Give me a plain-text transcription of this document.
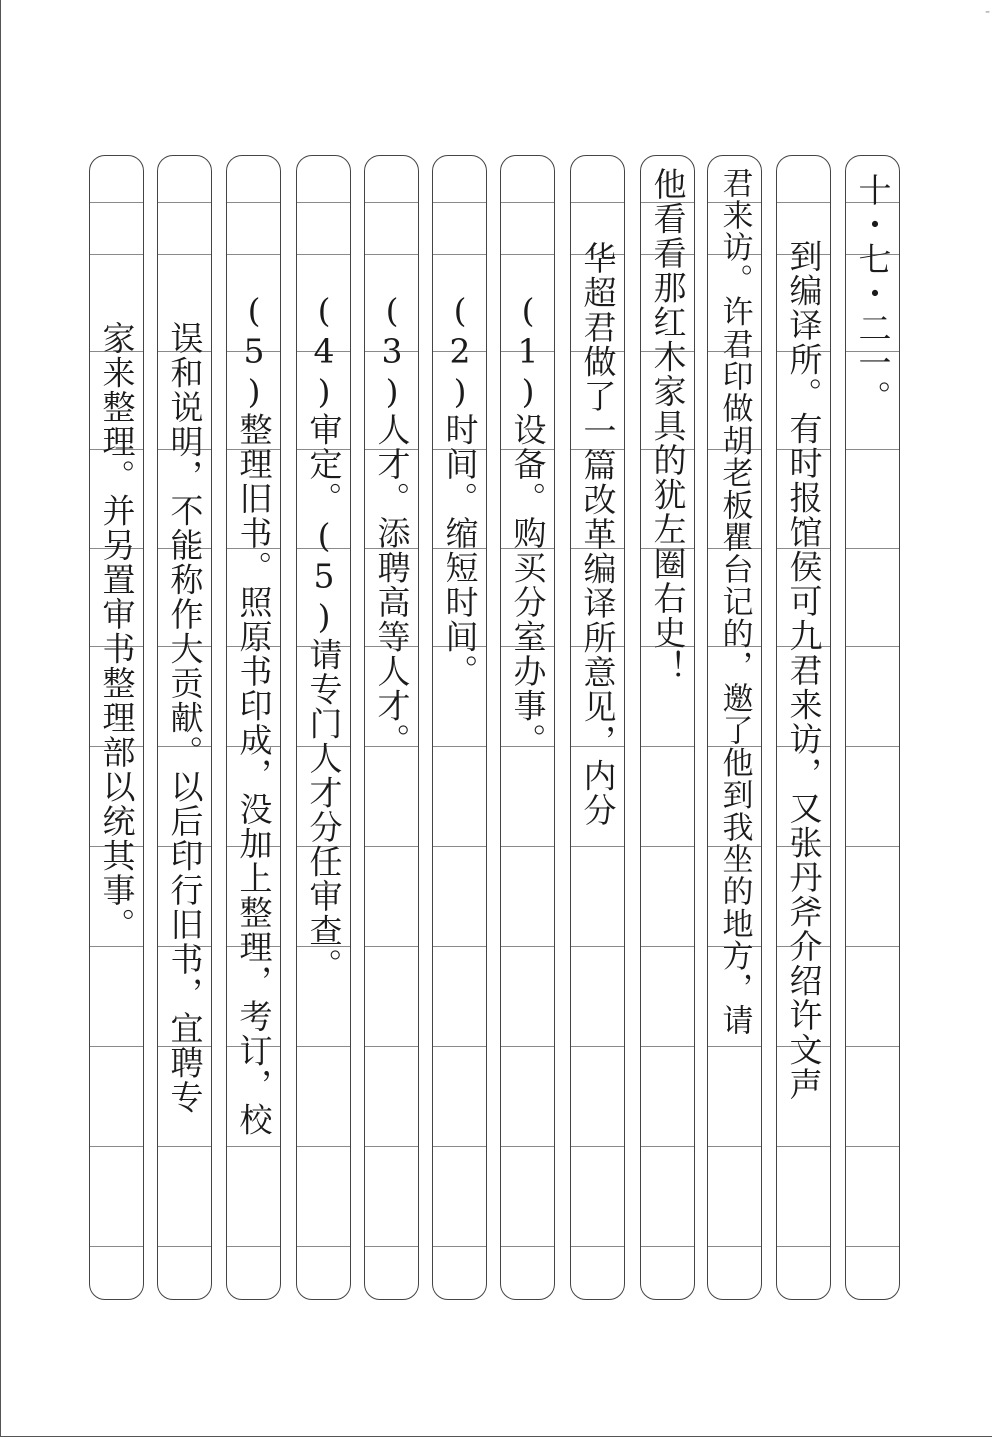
-
十・七・二一。
到编译所。有时报馆侯可九君来访，又张丹斧介绍许文声
君来访。许君印做胡老板瞿台记的，邀了他到我坐的地方，请
他看看那红木家具的犹左圈右史！
华超君做了一篇改革编译所意见，内分
(1)设备。购买分室办事。
(2)时间。缩短时间。
(3)人才。添聘高等人才。
(4)审定。(5)请专门人才分任审查。
(5)整理旧书。照原书印成，没加上整理，考订，校
误和说明，不能称作大贡献。以后印行旧书，宜聘专
家来整理。并另置审书整理部以统其事。
